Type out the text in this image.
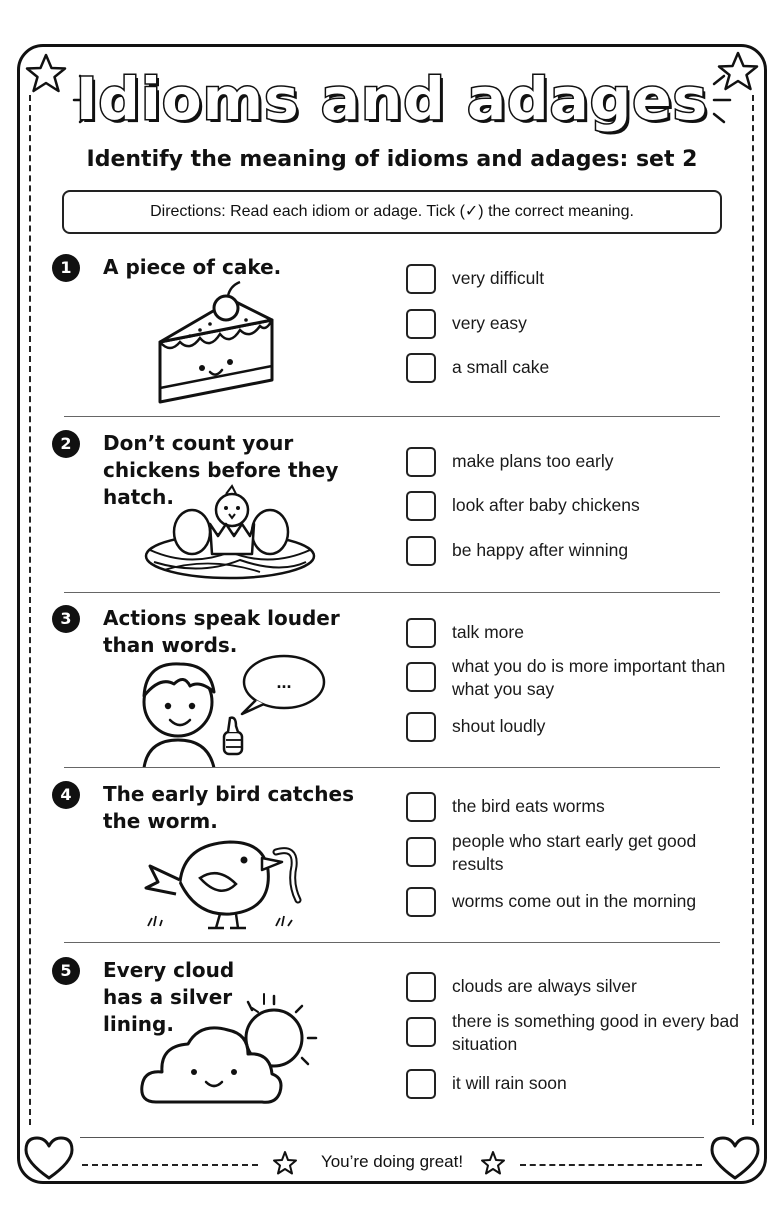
Idioms and adages
Identify the meaning of idioms and adages: set 2
Directions: Read each idiom or adage. Tick (✓) the correct meaning.
1	A piece of cake.	very difficult
very easy
a small cake
2	Don’t count your chickens before they hatch.
make plans too early
look after baby chickens
be happy after winning
3	Actions speak louder than words.
talk more
what you do is more important than what you say
shout loudly
...
4	The early bird catches the worm.
the bird eats worms
people who start early get good results
worms come out in the morning
5	Every cloud has a silver lining.
clouds are always silver
there is something good in every bad situation
it will rain soon
You’re doing great!
